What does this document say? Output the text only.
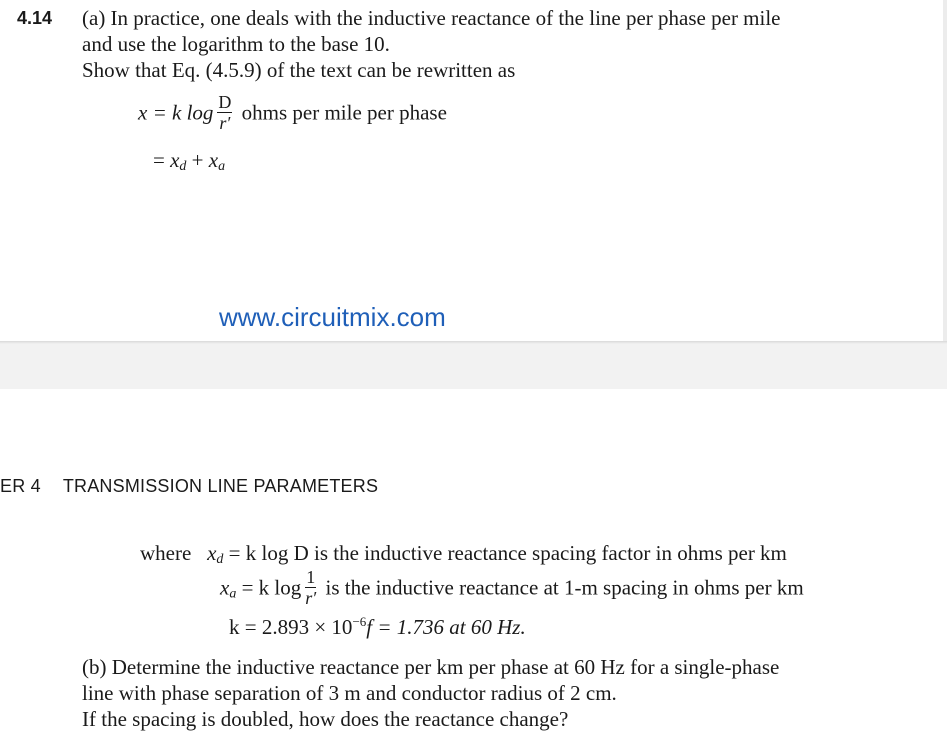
4.14 (a) In practice, one deals with the inductive reactance of the line per phase per mile
and use the logarithm to the base 10.
Show that Eq. (4.5.9) of the text can be rewritten as
x = k $\log \frac{D}{r'}$ ohms per mile per phase
= $x_d + x_a$
www.circuitmix.com
ER 4 TRANSMISSION LINE PARAMETERS
where $x_d = k$ log D is the inductive reactance spacing factor in ohms per km
$x_a = k$ $\log \frac{1}{r'}$ is the inductive reactance at 1-m spacing in ohms per km
$k = 2.893 \times 10^{-6}f = 1.736$ at 60 Hz.
(b) Determine the inductive reactance per km per phase at 60 Hz for a single-phase
line with phase separation of 3 m and conductor radius of 2 cm.
If the spacing is doubled, how does the reactance change?
